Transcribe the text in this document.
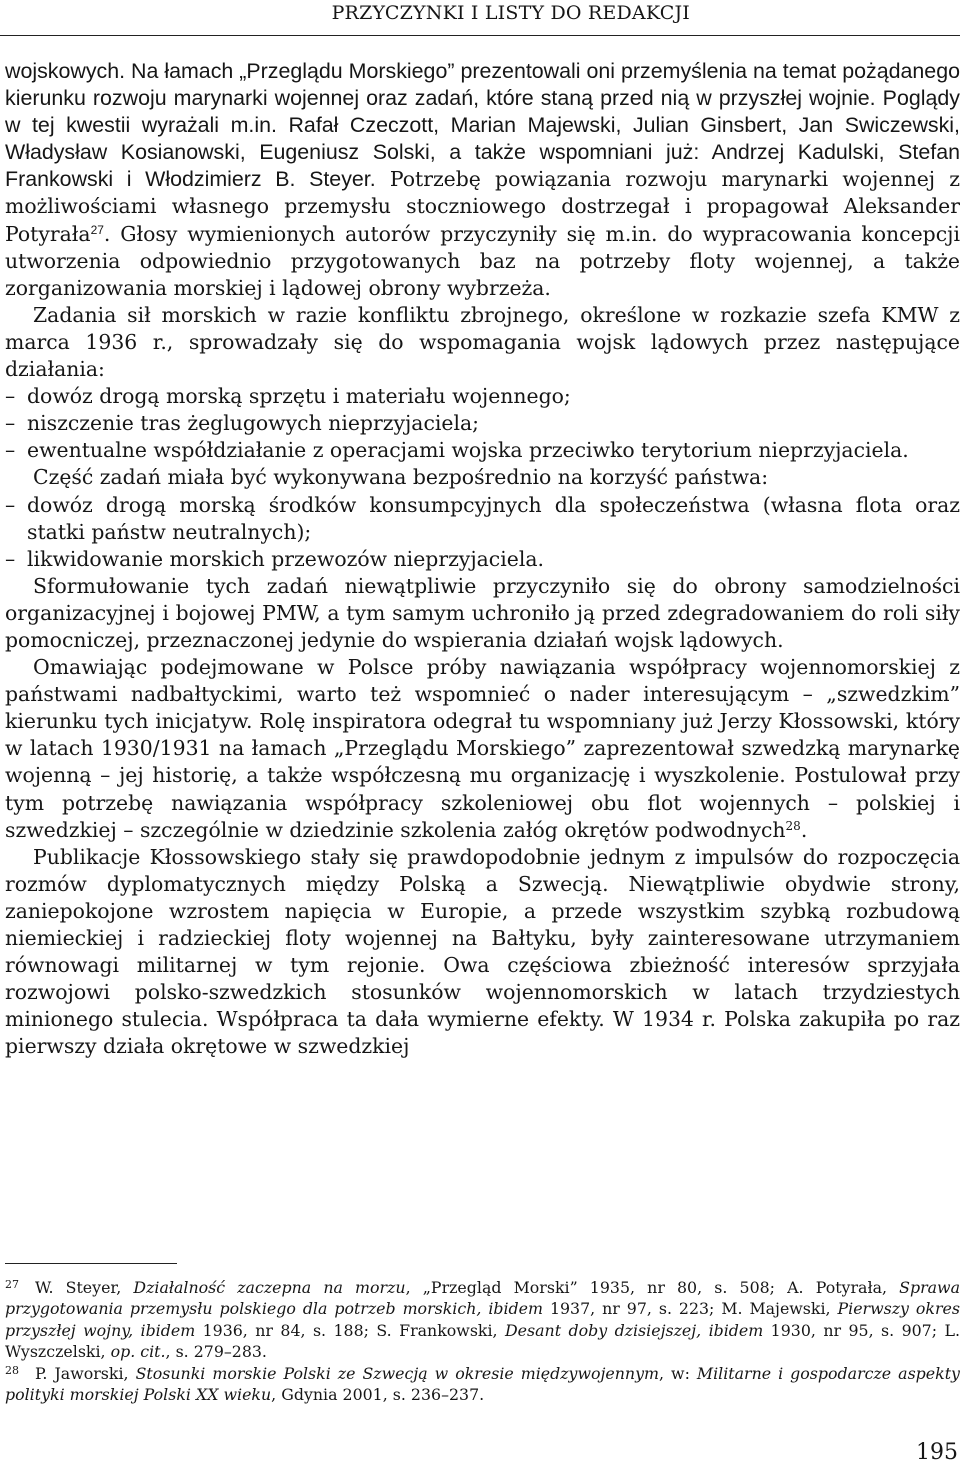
PRZYCZYNKI I LISTY DO REDAKCJI

wojskowych. Na łamach „Przeglądu Morskiego” prezentowali oni przemyślenia na temat pożądanego kierunku rozwoju marynarki wojennej oraz zadań, które staną przed nią w przyszłej wojnie. Poglądy w tej kwestii wyrażali m.in. Rafał Czeczott, Marian Majewski, Julian Ginsbert, Jan Swiczewski, Władysław Kosianowski, Eugeniusz Solski, a także wspomniani już: Andrzej Kadulski, Stefan Frankowski i Włodzimierz B. Steyer. Potrzebę powiązania rozwoju marynarki wojennej z możliwościami własnego przemysłu stoczniowego dostrzegał i propagował Aleksander Potyrała$^{27}$. Głosy wymienionych autorów przyczyniły się m.in. do wypracowania koncepcji utworzenia odpowiednio przygotowanych baz na potrzeby floty wojennej, a także zorganizowania morskiej i lądowej obrony wybrzeża.

Zadania sił morskich w razie konfliktu zbrojnego, określone w rozkazie szefa KMW z marca 1936 r., sprowadzały się do wspomagania wojsk lądowych przez następujące działania:

– dowóz drogą morską sprzętu i materiału wojennego;

– niszczenie tras żeglugowych nieprzyjaciela;

– ewentualne współdziałanie z operacjami wojska przeciwko terytorium nieprzyjaciela.

Część zadań miała być wykonywana bezpośrednio na korzyść państwa:

– dowóz drogą morską środków konsumpcyjnych dla społeczeństwa (własna flota oraz statki państw neutralnych);

– likwidowanie morskich przewozów nieprzyjaciela.

Sformułowanie tych zadań niewątpliwie przyczyniło się do obrony samodzielności organizacyjnej i bojowej PMW, a tym samym uchroniło ją przed zdegradowaniem do roli siły pomocniczej, przeznaczonej jedynie do wspierania działań wojsk lądowych.

Omawiając podejmowane w Polsce próby nawiązania współpracy wojennomorskiej z państwami nadbałtyckimi, warto też wspomnieć o nader interesującym – „szwedzkim” kierunku tych inicjatyw. Rolę inspiratora odegrał tu wspomniany już Jerzy Kłossowski, który w latach 1930/1931 na łamach „Przeglądu Morskiego” zaprezentował szwedzką marynarkę wojenną – jej historię, a także współczesną mu organizację i wyszkolenie. Postulował przy tym potrzebę nawiązania współpracy szkoleniowej obu flot wojennych – polskiej i szwedzkiej – szczególnie w dziedzinie szkolenia załóg okrętów podwodnych$^{28}$.

Publikacje Kłossowskiego stały się prawdopodobnie jednym z impulsów do rozpoczęcia rozmów dyplomatycznych między Polską a Szwecją. Niewątpliwie obydwie strony, zaniepokojone wzrostem napięcia w Europie, a przede wszystkim szybką rozbudową niemieckiej i radzieckiej floty wojennej na Bałtyku, były zainteresowane utrzymaniem równowagi militarnej w tym rejonie. Owa częściowa zbieżność interesów sprzyjała rozwojowi polsko-szwedzkich stosunków wojennomorskich w latach trzydziestych minionego stulecia. Współpraca ta dała wymierne efekty. W 1934 r. Polska zakupiła po raz pierwszy działa okrętowe w szwedzkiej

$^{27}$ W. Steyer, Działalność zaczepna na morzu, „Przegląd Morski” 1935, nr 80, s. 508; A. Potyrała, Sprawa przygotowania przemysłu polskiego dla potrzeb morskich, ibidem 1937, nr 97, s. 223; M. Majewski, Pierwszy okres przyszłej wojny, ibidem 1936, nr 84, s. 188; S. Frankowski, Desant doby dzisiejszej, ibidem 1930, nr 95, s. 907; L. Wyszczelski, op. cit., s. 279–283.

$^{28}$ P. Jaworski, Stosunki morskie Polski ze Szwecją w okresie międzywojennym, w: Militarne i gospodarcze aspekty polityki morskiej Polski XX wieku, Gdynia 2001, s. 236–237.

195
